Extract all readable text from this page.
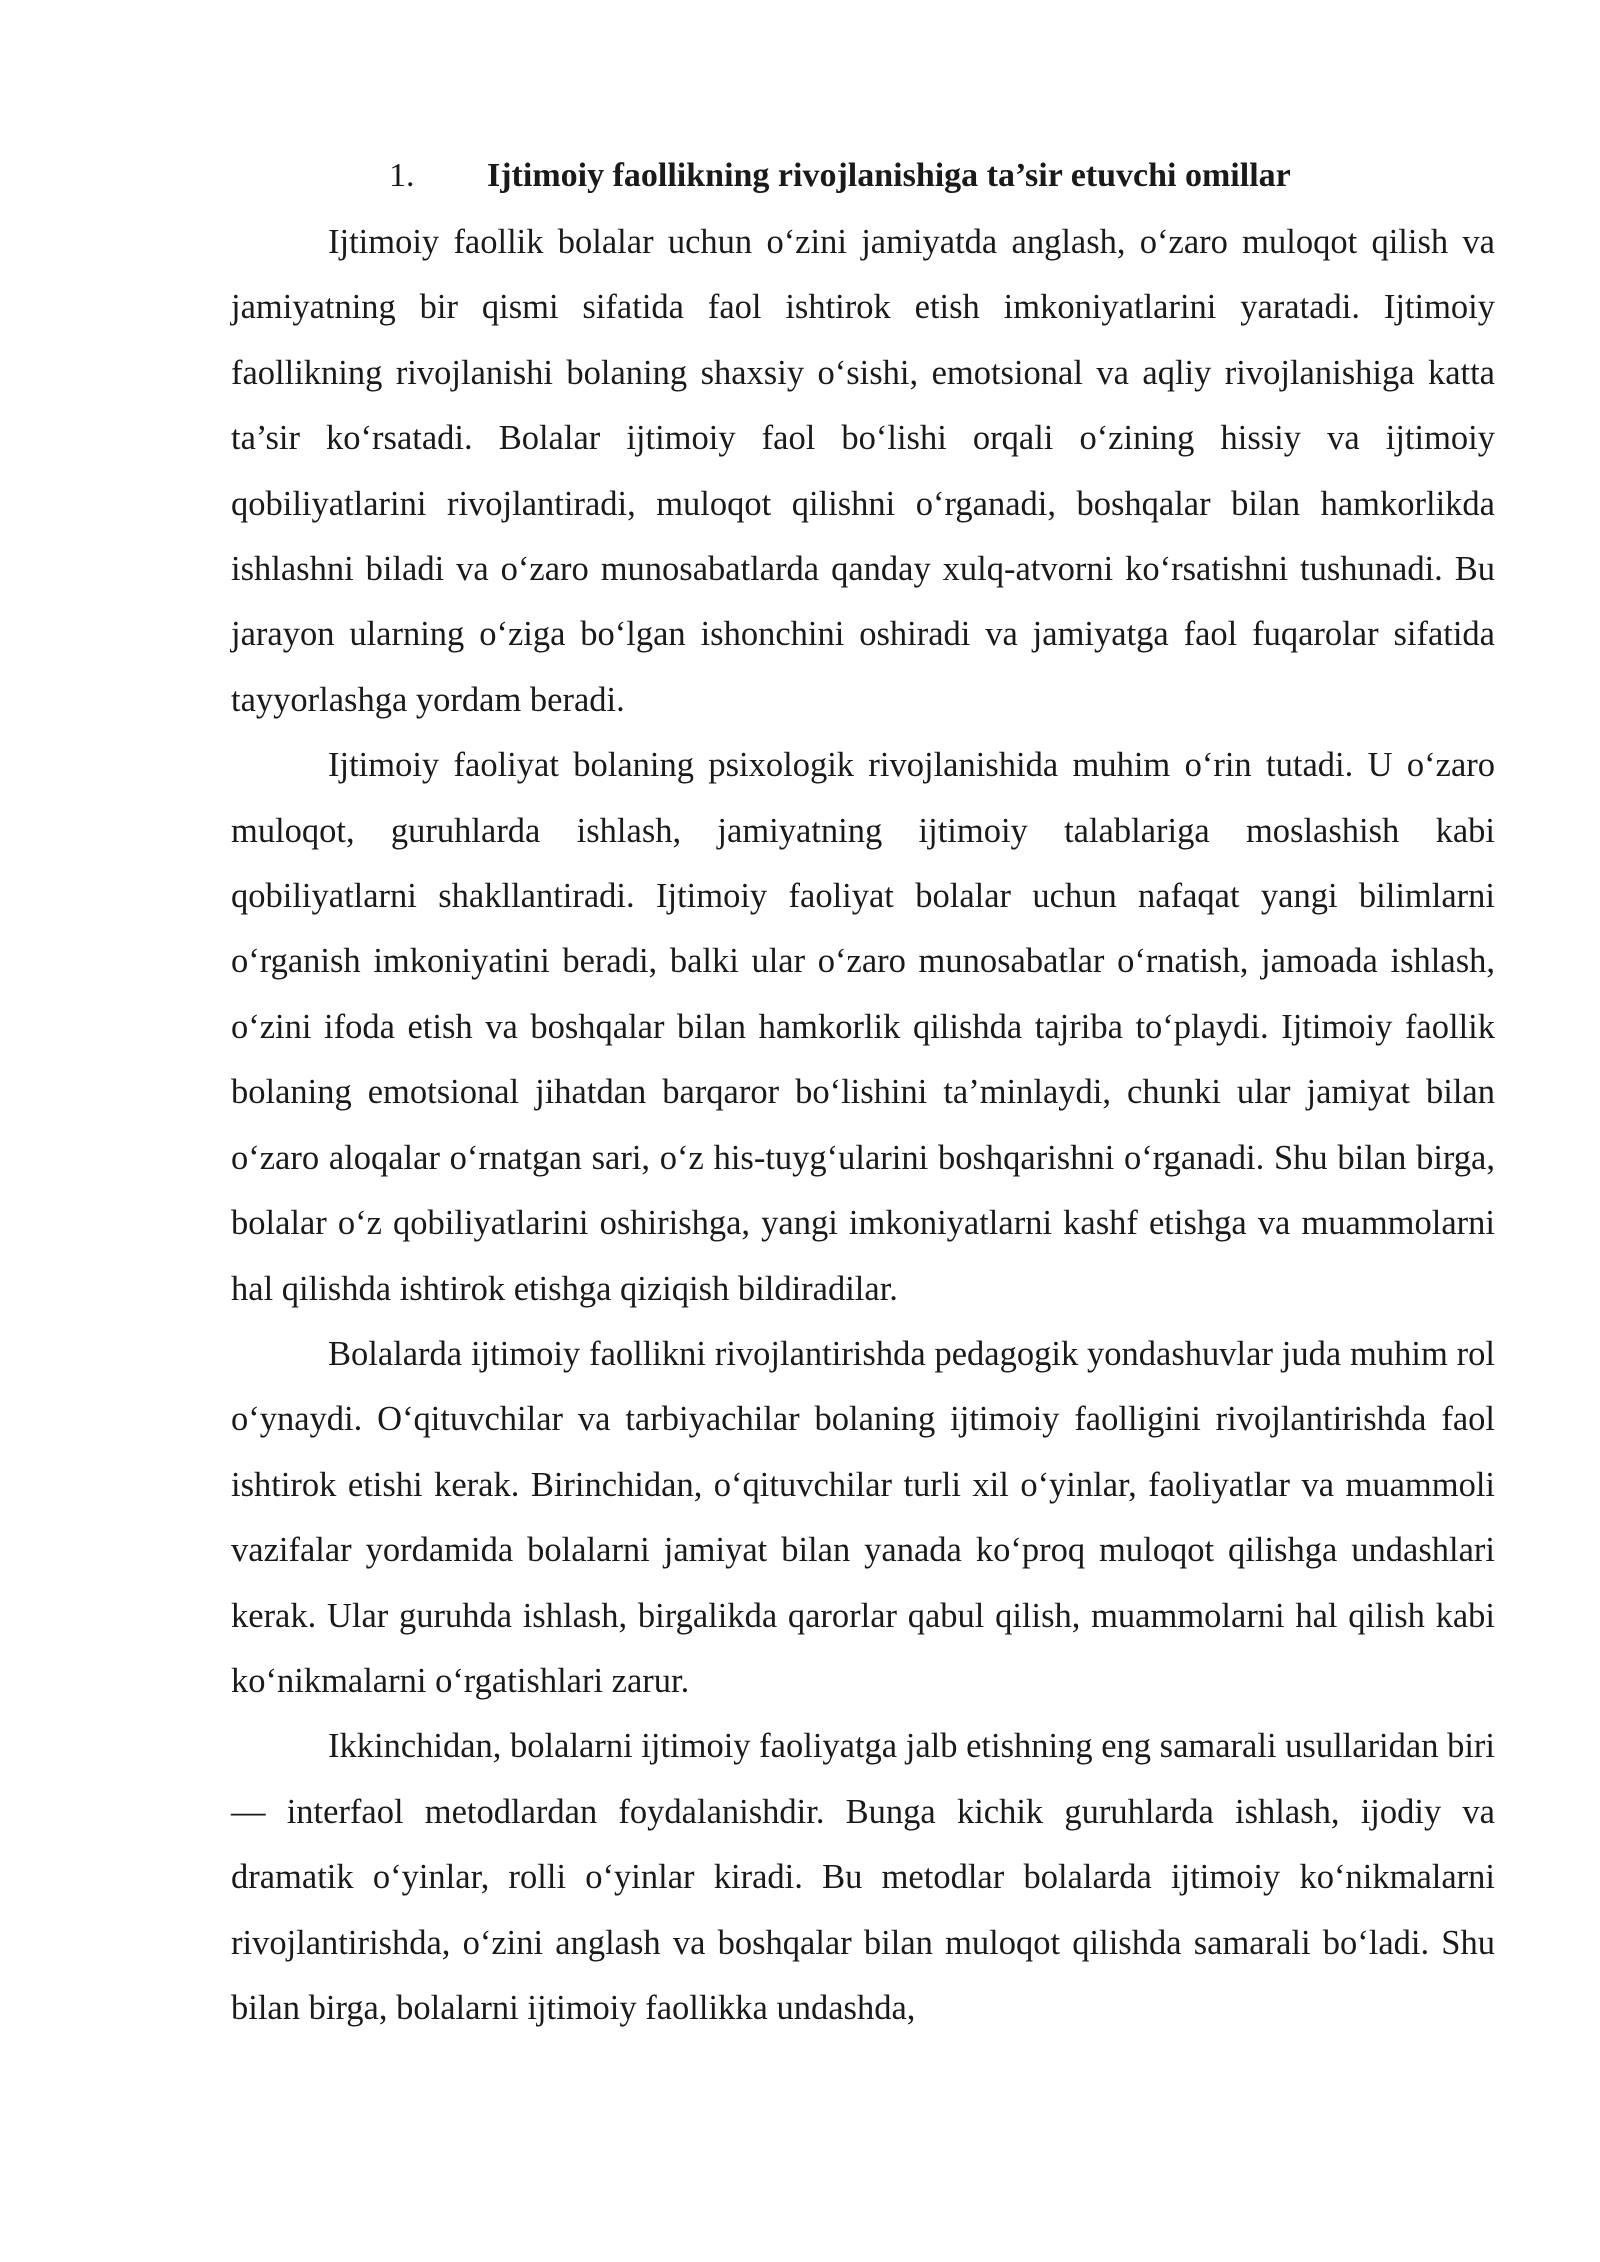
1.	Ijtimoiy faollikning rivojlanishiga ta’sir etuvchi omillar

Ijtimoiy faollik bolalar uchun o‘zini jamiyatda anglash, o‘zaro muloqot qilish va jamiyatning bir qismi sifatida faol ishtirok etish imkoniyatlarini yaratadi. Ijtimoiy faollikning rivojlanishi bolaning shaxsiy o‘sishi, emotsional va aqliy rivojlanishiga katta ta’sir ko‘rsatadi. Bolalar ijtimoiy faol bo‘lishi orqali o‘zining hissiy va ijtimoiy qobiliyatlarini rivojlantiradi, muloqot qilishni o‘rganadi, boshqalar bilan hamkorlikda ishlashni biladi va o‘zaro munosabatlarda qanday xulq-atvorni ko‘rsatishni tushunadi. Bu jarayon ularning o‘ziga bo‘lgan ishonchini oshiradi va jamiyatga faol fuqarolar sifatida tayyorlashga yordam beradi.

Ijtimoiy faoliyat bolaning psixologik rivojlanishida muhim o‘rin tutadi. U o‘zaro muloqot, guruhlarda ishlash, jamiyatning ijtimoiy talablariga moslashish kabi qobiliyatlarni shakllantiradi. Ijtimoiy faoliyat bolalar uchun nafaqat yangi bilimlarni o‘rganish imkoniyatini beradi, balki ular o‘zaro munosabatlar o‘rnatish, jamoada ishlash, o‘zini ifoda etish va boshqalar bilan hamkorlik qilishda tajriba to‘playdi. Ijtimoiy faollik bolaning emotsional jihatdan barqaror bo‘lishini ta’minlaydi, chunki ular jamiyat bilan o‘zaro aloqalar o‘rnatgan sari, o‘z his-tuyg‘ularini boshqarishni o‘rganadi. Shu bilan birga, bolalar o‘z qobiliyatlarini oshirishga, yangi imkoniyatlarni kashf etishga va muammolarni hal qilishda ishtirok etishga qiziqish bildiradilar.

Bolalarda ijtimoiy faollikni rivojlantirishda pedagogik yondashuvlar juda muhim rol o‘ynaydi. O‘qituvchilar va tarbiyachilar bolaning ijtimoiy faolligini rivojlantirishda faol ishtirok etishi kerak. Birinchidan, o‘qituvchilar turli xil o‘yinlar, faoliyatlar va muammoli vazifalar yordamida bolalarni jamiyat bilan yanada ko‘proq muloqot qilishga undashlari kerak. Ular guruhda ishlash, birgalikda qarorlar qabul qilish, muammolarni hal qilish kabi ko‘nikmalarni o‘rgatishlari zarur.

Ikkinchidan, bolalarni ijtimoiy faoliyatga jalb etishning eng samarali usullaridan biri — interfaol metodlardan foydalanishdir. Bunga kichik guruhlarda ishlash, ijodiy va dramatik o‘yinlar, rolli o‘yinlar kiradi. Bu metodlar bolalarda ijtimoiy ko‘nikmalarni rivojlantirishda, o‘zini anglash va boshqalar bilan muloqot qilishda samarali bo‘ladi. Shu bilan birga, bolalarni ijtimoiy faollikka undashda,
